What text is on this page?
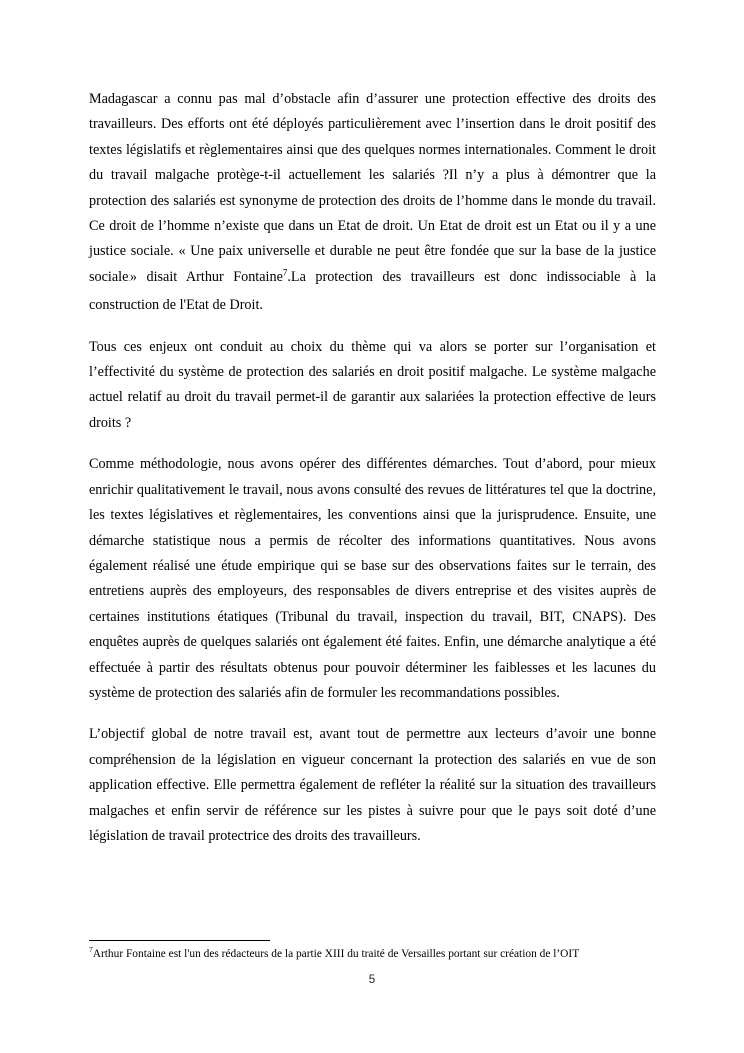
Madagascar a connu pas mal d’obstacle afin d’assurer une protection effective des droits des travailleurs. Des efforts ont été déployés particulièrement avec l’insertion dans le droit positif des textes législatifs et règlementaires ainsi que des quelques normes internationales. Comment le droit du travail malgache protège-t-il actuellement les salariés ?Il n’y a plus à démontrer que la protection des salariés est synonyme de protection des droits de l’homme dans le monde du travail. Ce droit de l’homme n’existe que dans un Etat de droit. Un Etat de droit est un Etat ou il y a une justice sociale. « Une paix universelle et durable ne peut être fondée que sur la base de la justice sociale.» disait Arthur Fontaine$^7$.La protection des travailleurs est donc indissociable à la construction de l'Etat de Droit.

Tous ces enjeux ont conduit au choix du thème qui va alors se porter sur l’organisation et l’effectivité du système de protection des salariés en droit positif malgache. Le système malgache actuel relatif au droit du travail permet-il de garantir aux salariées la protection effective de leurs droits ?

Comme méthodologie, nous avons opérer des différentes démarches. Tout d’abord, pour mieux enrichir qualitativement le travail, nous avons consulté des revues de littératures tel que la doctrine, les textes législatives et règlementaires, les conventions ainsi que la jurisprudence. Ensuite, une démarche statistique nous a permis de récolter des informations quantitatives. Nous avons également réalisé une étude empirique qui se base sur des observations faites sur le terrain, des entretiens auprès des employeurs, des responsables de divers entreprise et des visites auprès de certaines institutions étatiques (Tribunal du travail, inspection du travail, BIT, CNAPS). Des enquêtes auprès de quelques salariés ont également été faites. Enfin, une démarche analytique a été effectuée à partir des résultats obtenus pour pouvoir déterminer les faiblesses et les lacunes du système de protection des salariés afin de formuler les recommandations possibles.

L’objectif global de notre travail est, avant tout de permettre aux lecteurs d’avoir une bonne compréhension de la législation en vigueur concernant la protection des salariés en vue de son application effective. Elle permettra également de refléter la réalité sur la situation des travailleurs malgaches et enfin servir de référence sur les pistes à suivre pour que le pays soit doté d’une législation de travail protectrice des droits des travailleurs.

$^7$Arthur Fontaine est l'un des rédacteurs de la partie XIII du traité de Versailles portant sur création de l’OIT
5
